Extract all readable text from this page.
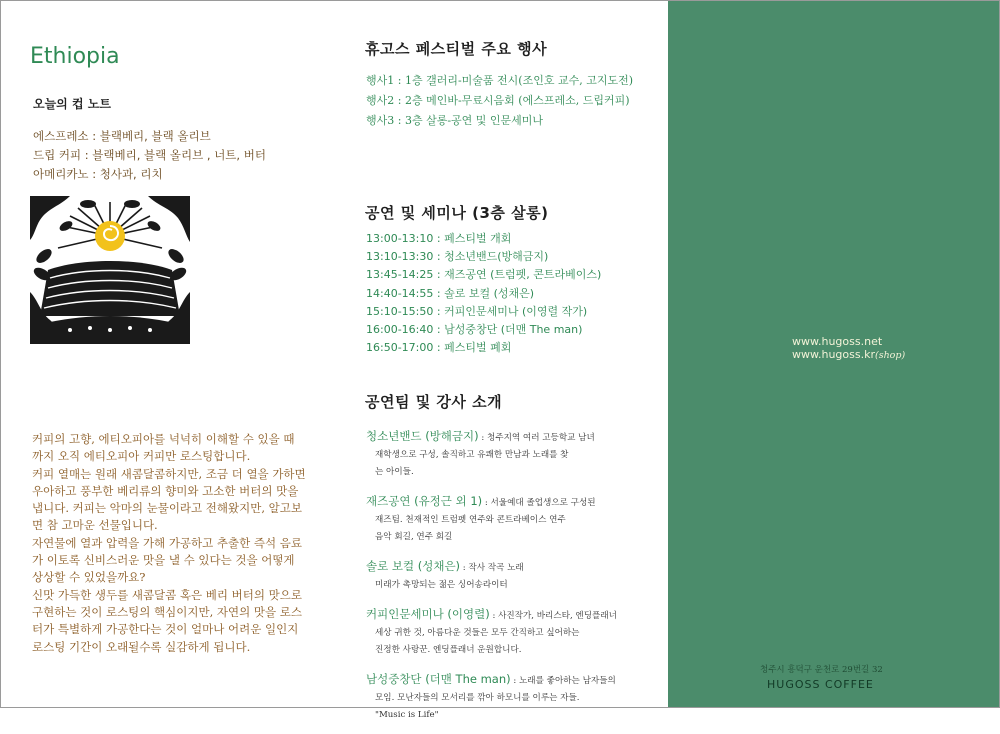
Ethiopia
오늘의 컵 노트
에스프레소 : 블랙베리, 블랙 올리브
드립 커피 : 블랙베리, 블랙 올리브 , 너트, 버터
아메리카노 : 청사과, 리치
커피의 고향, 에티오피아를 넉넉히 이해할 수 있을 때
까지 오직 에티오피아 커피만 로스팅합니다.
커피 열매는 원래 새콤달콤하지만, 조금 더 열을 가하면
우아하고 풍부한 베리류의 향미와 고소한 버터의 맛을
냅니다. 커피는 악마의 눈물이라고 전해왔지만, 알고보
면 참 고마운 선물입니다.
자연물에 열과 압력을 가해 가공하고 추출한 즉석 음료
가 이토록 신비스러운 맛을 낼 수 있다는 것을 어떻게
상상할 수 있었을까요?
신맛 가득한 생두를 새콤달콤 혹은 베리 버터의 맛으로
구현하는 것이 로스팅의 핵심이지만, 자연의 맛을 로스
터가 특별하게 가공한다는 것이 얼마나 어려운 일인지
로스팅 기간이 오래될수록 실감하게 됩니다.
휴고스 페스티벌 주요 행사
행사1 : 1층 갤러리-미술품 전시(조인호 교수, 고지도전)
행사2 : 2층 메인바-무료시음회 (에스프레소, 드립커피)
행사3 : 3층 살롱-공연 및 인문세미나
공연 및 세미나 (3층 살롱)
13:00-13:10 : 페스티벌 개회
13:10-13:30 : 청소년밴드(방해금지)
13:45-14:25 : 재즈공연 (트럼펫, 콘트라베이스)
14:40-14:55 : 솔로 보컬 (성채은)
15:10-15:50 : 커피인문세미나 (이영렬 작가)
16:00-16:40 : 남성중창단 (더맨 The man)
16:50-17:00 : 페스티벌 폐회
공연팀 및 강사 소개
청소년밴드 (방해금지) : 청주지역 여러 고등학교 남녀
재학생으로 구성, 솔직하고 유쾌한 만남과 노래를 찾
는 아이들.
재즈공연 (유정근 외 1) : 서울예대 졸업생으로 구성된
재즈팀. 천재적인 트럼펫 연주와 콘트라베이스 연주
음악 회길, 연주 회길
솔로 보컬 (성채은) : 작사 작곡 노래
미래가 촉망되는 젊은 싱어송라이터
커피인문세미나 (이영렬) : 사진작가, 바리스타, 엔딩플래너
세상 귀한 것, 아름다운 것들은 모두 간직하고 싶어하는
진정한 사랑꾼. 엔딩플래너 운원합니다.
남성중창단 (더맨 The man) : 노래를 좋아하는 남자들의
모임. 모난자들의 모서리를 깎아 하모니를 이루는 자들.
"Music is Life"
www.hugoss.net
www.hugoss.kr(shop)
청주시 흥덕구 운천로 29번길 32
HUGOSS COFFEE
